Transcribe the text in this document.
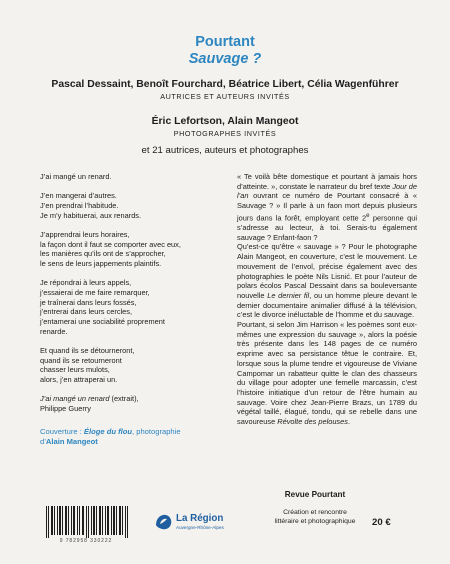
Pourtant
Sauvage ?
Pascal Dessaint, Benoît Fourchard, Béatrice Libert, Célia Wagenführer
AUTRICES ET AUTEURS INVITÉS
Éric Lefortson, Alain Mangeot
PHOTOGRAPHES INVITÉS
et 21 autrices, auteurs et photographes
J’ai mangé un renard.
J’en mangerai d’autres.
J’en prendrai l’habitude.
Je m’y habituerai, aux renards.
J’apprendrai leurs horaires,
la façon dont il faut se comporter avec eux,
les manières qu’ils ont de s’approcher,
le sens de leurs jappements plaintifs.
Je répondrai à leurs appels,
j’essaierai de me faire remarquer,
je traînerai dans leurs fossés,
j’entrerai dans leurs cercles,
j’entamerai une sociabilité proprement
renarde.
Et quand ils se détourneront,
quand ils se retourneront
chasser leurs mulots,
alors, j’en attraperai un.
J’ai mangé un renard (extrait),
Philippe Guerry

« Te voilà bête domestique et pourtant à jamais hors d’atteinte. », constate le narrateur du bref texte Jour de l’an ouvrant ce numéro de Pourtant consacré à « Sauvage ? » Il parle à un faon mort depuis plusieurs jours dans la forêt, employant cette 2e personne qui s’adresse au lecteur, à toi. Serais-tu également sauvage ? Enfant-faon ?

Qu’est-ce qu’être « sauvage » ? Pour le photographe Alain Mangeot, en couverture, c’est le mouvement. Le mouvement de l’envol, précise également avec des photographies le poète Nils Lisnić. Et pour l’auteur de polars écolos Pascal Dessaint dans sa bouleversante nouvelle Le dernier fil, ou un homme pleure devant le dernier documentaire animalier diffusé à la télévision, c’est le divorce inéluctable de l’homme et du sauvage.

Pourtant, si selon Jim Harrison « les poèmes sont eux-mêmes une expression du sauvage », alors la poésie très présente dans les 148 pages de ce numéro exprime avec sa persistance têtue le contraire. Et, lorsque sous la plume tendre et vigoureuse de Viviane Campomar un rabatteur quitte le clan des chasseurs du village pour adopter une femelle marcassin, c’est l’histoire initiatique d’un retour de l’être humain au sauvage. Voire chez Jean-Pierre Brazs, un 1789 du végétal taillé, élagué, tondu, qui se rebelle dans une savoureuse Révolte des pelouses.

Couverture : Éloge du flou, photographie
d’Alain Mangeot
9 782958 330222
La Région
Auvergne-Rhône-Alpes
Revue Pourtant
Création et rencontre
littéraire et photographique	20 €
